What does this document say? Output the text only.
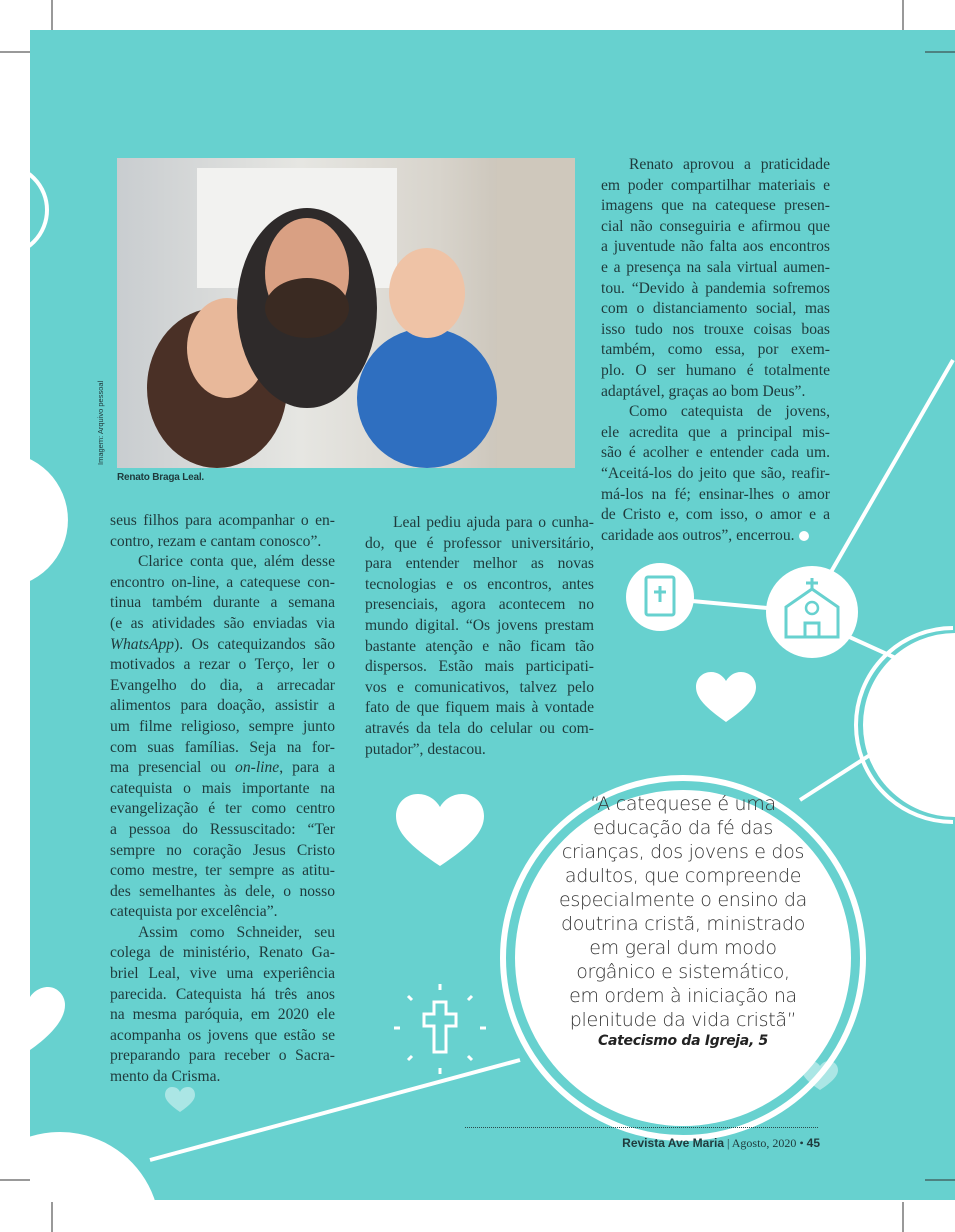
Imagem: Arquivo pessoal
Renato Braga Leal.
seus filhos para acompanhar o en-
contro, rezam e cantam conosco”.
Clarice conta que, além desse
encontro on-line, a catequese con-
tinua também durante a semana
(e as atividades são enviadas via
WhatsApp). Os catequizandos são
motivados a rezar o Terço, ler o
Evangelho do dia, a arrecadar
alimentos para doação, assistir a
um filme religioso, sempre junto
com suas famílias. Seja na for-
ma presencial ou on-line, para a
catequista o mais importante na
evangelização é ter como centro
a pessoa do Ressuscitado: “Ter
sempre no coração Jesus Cristo
como mestre, ter sempre as atitu-
des semelhantes às dele, o nosso
catequista por excelência”.
Assim como Schneider, seu
colega de ministério, Renato Ga-
briel Leal, vive uma experiência
parecida. Catequista há três anos
na mesma paróquia, em 2020 ele
acompanha os jovens que estão se
preparando para receber o Sacra-
mento da Crisma.
Leal pediu ajuda para o cunha-
do, que é professor universitário,
para entender melhor as novas
tecnologias e os encontros, antes
presenciais, agora acontecem no
mundo digital. “Os jovens prestam
bastante atenção e não ficam tão
dispersos. Estão mais participati-
vos e comunicativos, talvez pelo
fato de que fiquem mais à vontade
através da tela do celular ou com-
putador”, destacou.
Renato aprovou a praticidade
em poder compartilhar materiais e
imagens que na catequese presen-
cial não conseguiria e afirmou que
a juventude não falta aos encontros
e a presença na sala virtual aumen-
tou. “Devido à pandemia sofremos
com o distanciamento social, mas
isso tudo nos trouxe coisas boas
também, como essa, por exem-
plo. O ser humano é totalmente
adaptável, graças ao bom Deus”.
Como catequista de jovens,
ele acredita que a principal mis-
são é acolher e entender cada um.
“Aceitá-los do jeito que são, reafir-
má-los na fé; ensinar-lhes o amor
de Cristo e, com isso, o amor e a
caridade aos outros”, encerrou.
“A catequese é uma
educação da fé das
crianças, dos jovens e dos
adultos, que compreende
especialmente o ensino da
doutrina cristã, ministrado
em geral dum modo
orgânico e sistemático,
em ordem à iniciação na
plenitude da vida cristã”
Catecismo da Igreja, 5
Revista Ave Maria | Agosto, 2020 • 45
